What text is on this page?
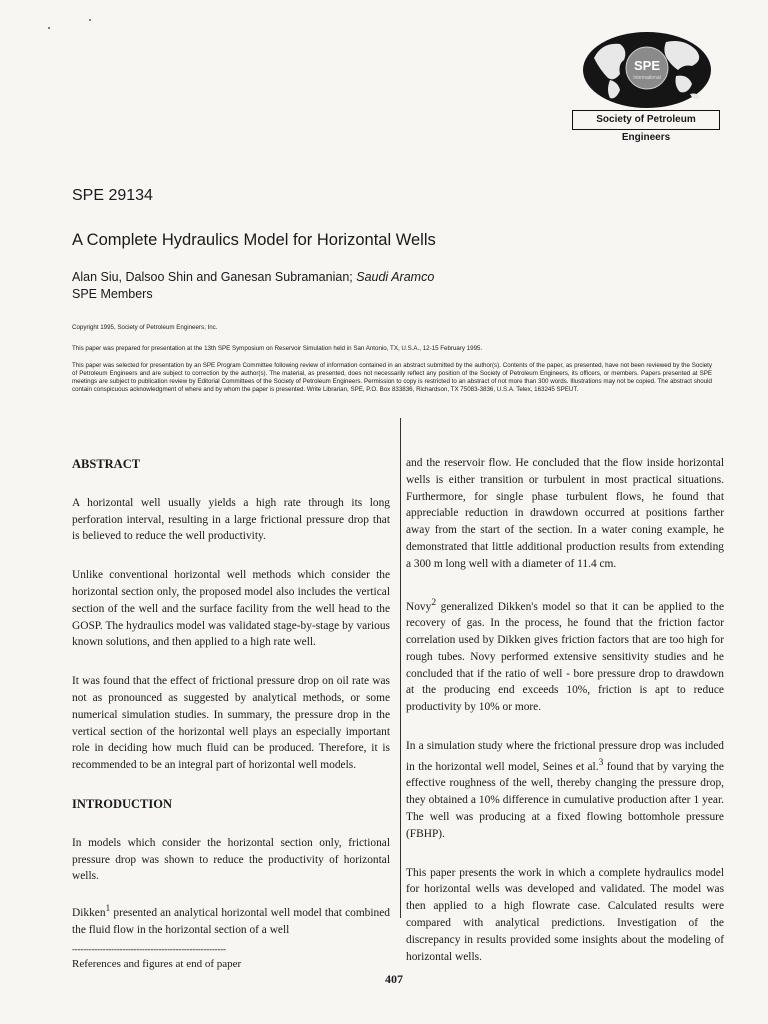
SPE
International
Society of Petroleum Engineers
SPE 29134
A Complete Hydraulics Model for Horizontal Wells
Alan Siu, Dalsoo Shin and Ganesan Subramanian; Saudi Aramco
SPE Members
Copyright 1995, Society of Petroleum Engineers, Inc.
This paper was prepared for presentation at the 13th SPE Symposium on Reservoir Simulation held in San Antonio, TX, U.S.A., 12-15 February 1995.
This paper was selected for presentation by an SPE Program Committee following review of information contained in an abstract submitted by the author(s). Contents of the paper, as presented, have not been reviewed by the Society of Petroleum Engineers and are subject to correction by the author(s). The material, as presented, does not necessarily reflect any position of the Society of Petroleum Engineers, its officers, or members. Papers presented at SPE meetings are subject to publication review by Editorial Committees of the Society of Petroleum Engineers. Permission to copy is restricted to an abstract of not more than 300 words. Illustrations may not be copied. The abstract should contain conspicuous acknowledgment of where and by whom the paper is presented. Write Librarian, SPE, P.O. Box 833836, Richardson, TX 75083-3836, U.S.A. Telex, 163245 SPEUT.

ABSTRACT

A horizontal well usually yields a high rate through its long perforation interval, resulting in a large frictional pressure drop that is believed to reduce the well productivity.

Unlike conventional horizontal well methods which consider the horizontal section only, the proposed model also includes the vertical section of the well and the surface facility from the well head to the GOSP. The hydraulics model was validated stage-by-stage by various known solutions, and then applied to a high rate well.

It was found that the effect of frictional pressure drop on oil rate was not as pronounced as suggested by analytical methods, or some numerical simulation studies. In summary, the pressure drop in the vertical section of the horizontal well plays an especially important role in deciding how much fluid can be produced. Therefore, it is recommended to be an integral part of horizontal well models.

INTRODUCTION

In models which consider the horizontal section only, frictional pressure drop was shown to reduce the productivity of horizontal wells.

Dikken$^1$ presented an analytical horizontal well model that combined the fluid flow in the horizontal section of a well

and the reservoir flow. He concluded that the flow inside horizontal wells is either transition or turbulent in most practical situations. Furthermore, for single phase turbulent flows, he found that appreciable reduction in drawdown occurred at positions farther away from the start of the section. In a water coning example, he demonstrated that little additional production results from extending a 300 m long well with a diameter of 11.4 cm.

Novy$^2$ generalized Dikken's model so that it can be applied to the recovery of gas. In the process, he found that the friction factor correlation used by Dikken gives friction factors that are too high for rough tubes. Novy performed extensive sensitivity studies and he concluded that if the ratio of well - bore pressure drop to drawdown at the producing end exceeds 10%, friction is apt to reduce productivity by 10% or more.

In a simulation study where the frictional pressure drop was included in the horizontal well model, Seines et al.$^3$ found that by varying the effective roughness of the well, thereby changing the pressure drop, they obtained a 10% difference in cumulative production after 1 year. The well was producing at a fixed flowing bottomhole pressure (FBHP).

This paper presents the work in which a complete hydraulics model for horizontal wells was developed and validated. The model was then applied to a high flowrate case. Calculated results were compared with analytical predictions. Investigation of the discrepancy in results provided some insights about the modeling of horizontal wells.

-------------------------------------------------------
References and figures at end of paper
407
